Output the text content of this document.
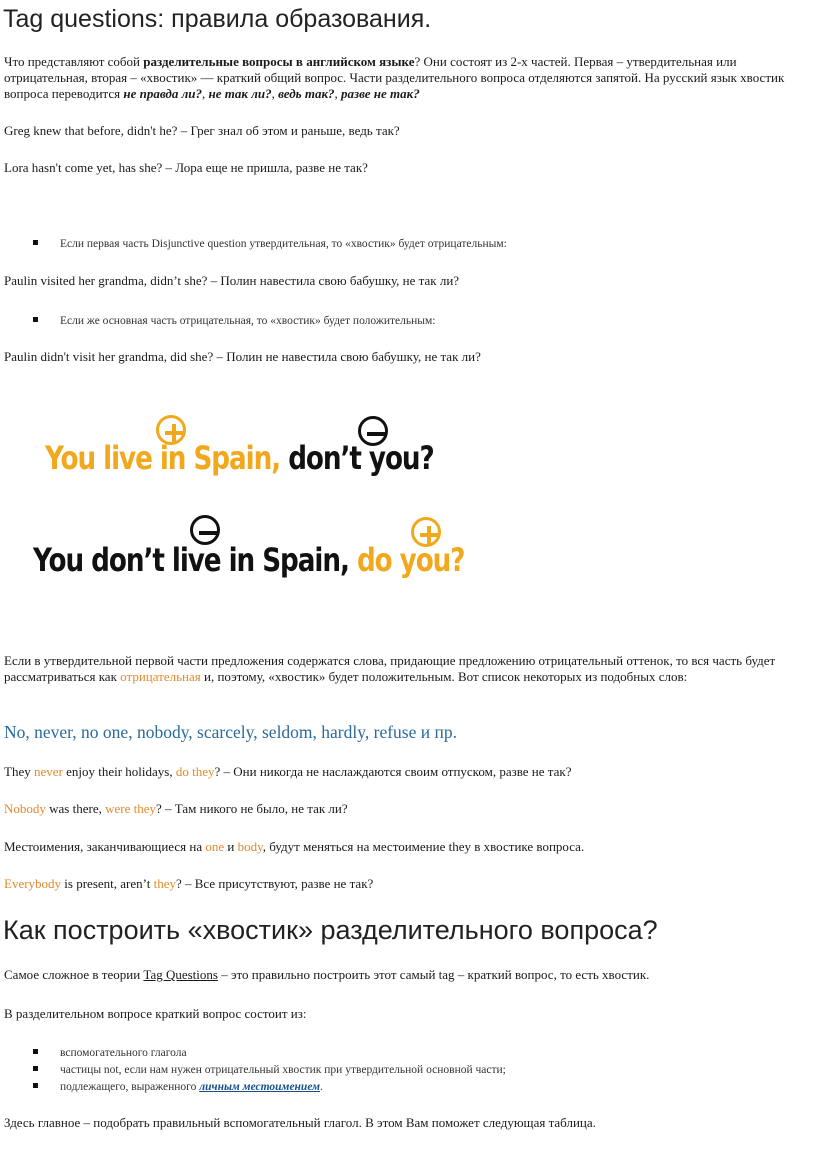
Tag questions: правила образования.
Что представляют собой разделительные вопросы в английском языке? Они состоят из 2-х частей. Первая – утвердительная или отрицательная, вторая – «хвостик» — краткий общий вопрос. Части разделительного вопроса отделяются запятой. На русский язык хвостик вопроса переводится не правда ли?, не так ли?, ведь так?, разве не так?
Greg knew that before, didn't he? – Грег знал об этом и раньше, ведь так?
Lora hasn't come yet, has she? – Лора еще не пришла, разве не так?
Если первая часть Disjunctive question утвердительная, то «хвостик» будет отрицательным:
Paulin visited her grandma, didn’t she? – Полин навестила свою бабушку, не так ли?
Если же основная часть отрицательная, то «хвостик» будет положительным:
Paulin didn't visit her grandma, did she? – Полин не навестила свою бабушку, не так ли?
You live in Spain, don’t you?
You don’t live in Spain, do you?
Если в утвердительной первой части предложения содержатся слова, придающие предложению отрицательный оттенок, то вся часть будет рассматриваться как отрицательная и, поэтому, «хвостик» будет положительным. Вот список некоторых из подобных слов:
No, never, no one, nobody, scarcely, seldom, hardly, refuse и пр.
They never enjoy their holidays, do they? – Они никогда не наслаждаются своим отпуском, разве не так?
Nobody was there, were they? – Там никого не было, не так ли?
Местоимения, заканчивающиеся на one и body, будут меняться на местоимение they в хвостике вопроса.
Everybody is present, aren’t they? – Все присутствуют, разве не так?
Как построить «хвостик» разделительного вопроса?
Самое сложное в теории Tag Questions – это правильно построить этот самый tag – краткий вопрос, то есть хвостик.
В разделительном вопросе краткий вопрос состоит из:
вспомогательного глагола
частицы not, если нам нужен отрицательный хвостик при утвердительной основной части;
подлежащего, выраженного личным местоимением.
Здесь главное – подобрать правильный вспомогательный глагол. В этом Вам поможет следующая таблица.
